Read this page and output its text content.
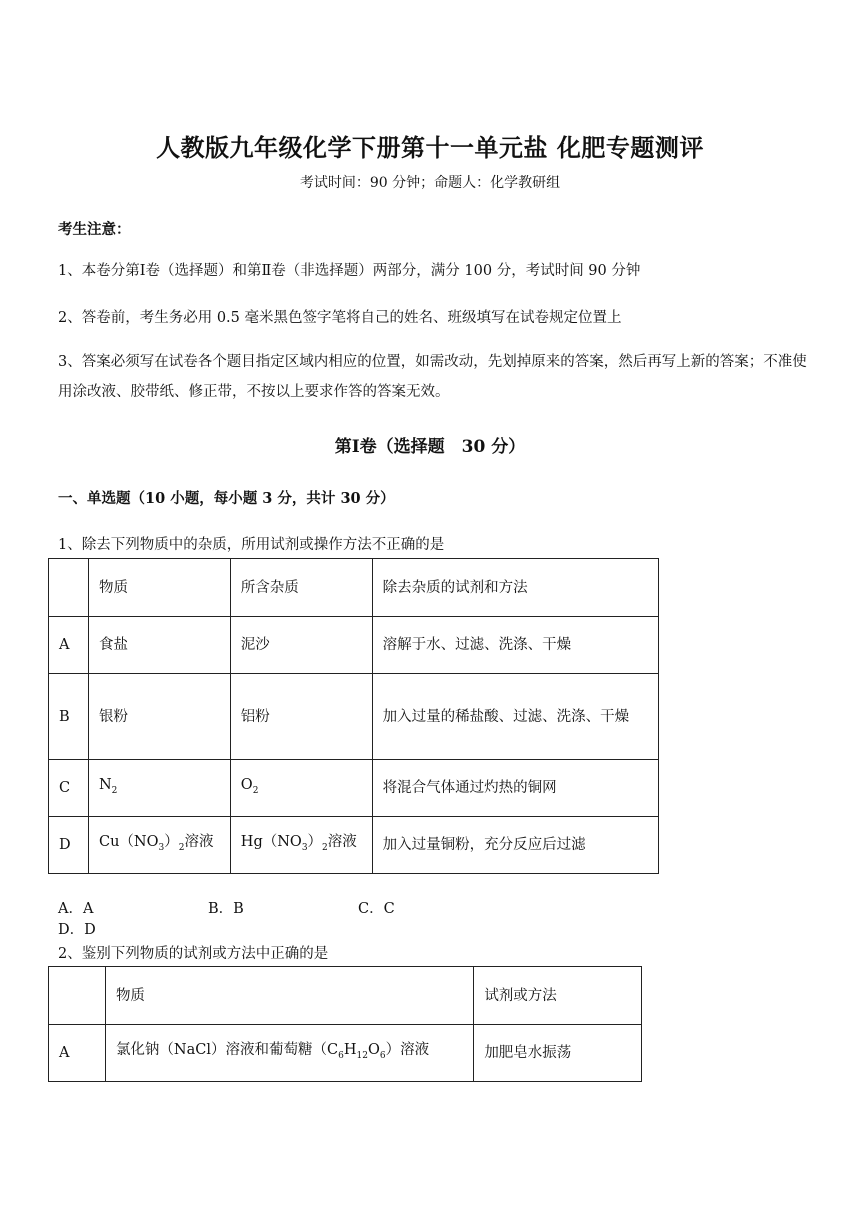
人教版九年级化学下册第十一单元盐 化肥专题测评
考试时间：90 分钟；命题人：化学教研组
考生注意：
1、本卷分第Ⅰ卷（选择题）和第Ⅱ卷（非选择题）两部分，满分 100 分，考试时间 90 分钟
2、答卷前，考生务必用 0.5 毫米黑色签字笔将自己的姓名、班级填写在试卷规定位置上
3、答案必须写在试卷各个题目指定区域内相应的位置，如需改动，先划掉原来的答案，然后再写上新的答案；不准使用涂改液、胶带纸、修正带，不按以上要求作答的答案无效。
第Ⅰ卷（选择题　30 分）
一、单选题（10 小题，每小题 3 分，共计 30 分）
1、除去下列物质中的杂质，所用试剂或操作方法不正确的是
	物质	所含杂质	除去杂质的试剂和方法
A	食盐	泥沙	溶解于水、过滤、洗涤、干燥
B	银粉	铝粉	加入过量的稀盐酸、过滤、洗涤、干燥
C	$N_2$	$O_2$	将混合气体通过灼热的铜网
D	$Cu(NO_3)_2$溶液	$Hg(NO_3)_2$溶液	加入过量铜粉，充分反应后过滤
A．A	B．B	C．CD．D
2、鉴别下列物质的试剂或方法中正确的是
	物质	试剂或方法
A	氯化钠（NaCl）溶液和葡萄糖$(C_6H_{12}O_6)$溶液	加肥皂水振荡
